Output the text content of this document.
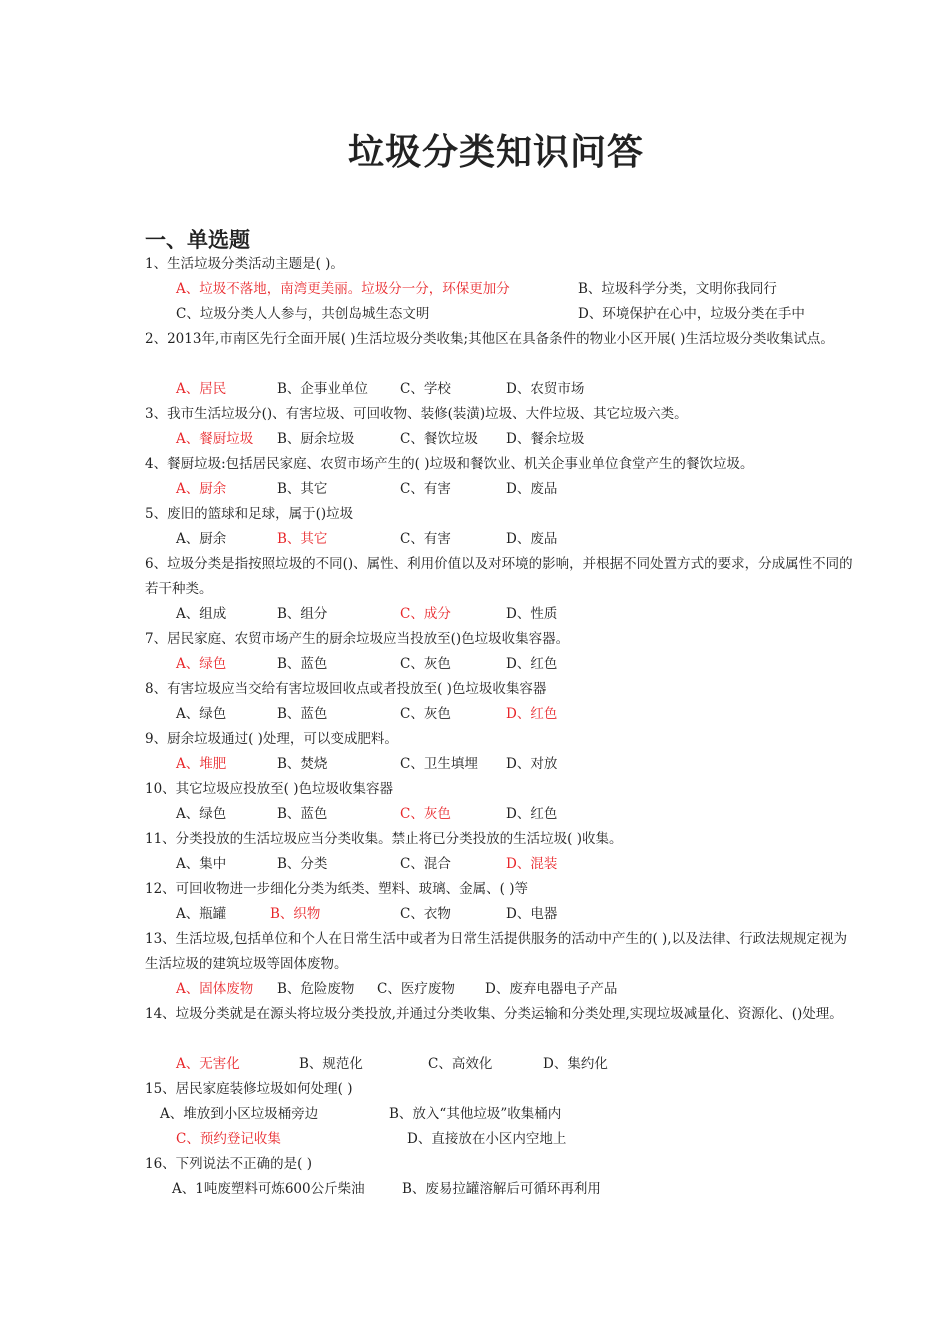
垃圾分类知识问答
一、单选题
1、生活垃圾分类活动主题是( )。
A、垃圾不落地，南湾更美丽。垃圾分一分，环保更加分	B、垃圾科学分类，文明你我同行
C、垃圾分类人人参与，共创岛城生态文明	D、环境保护在心中，垃圾分类在手中
2、2013年,市南区先行全面开展( )生活垃圾分类收集;其他区在具备条件的物业小区开展( )生活垃圾分类收集试点。
A、居民	B、企事业单位 C、学校	D、农贸市场
3、我市生活垃圾分()、有害垃圾、可回收物、装修(装潢)垃圾、大件垃圾、其它垃圾六类。
A、餐厨垃圾 B、厨余垃圾	C、餐饮垃圾 D、餐余垃圾
4、餐厨垃圾:包括居民家庭、农贸市场产生的( )垃圾和餐饮业、机关企事业单位食堂产生的餐饮垃圾。
A、厨余	B、其它	C、有害	D、废品
5、废旧的篮球和足球，属于()垃圾
A、厨余	B、其它	C、有害	D、废品
6、垃圾分类是指按照垃圾的不同()、属性、利用价值以及对环境的影响，并根据不同处置方式的要求，分成属性不同的若干种类。
A、组成	B、组分	C、成分	D、性质
7、居民家庭、农贸市场产生的厨余垃圾应当投放至()色垃圾收集容器。
A、绿色	B、蓝色	C、灰色	D、红色
8、有害垃圾应当交给有害垃圾回收点或者投放至( )色垃圾收集容器
A、绿色	B、蓝色	C、灰色	D、红色
9、厨余垃圾通过( )处理，可以变成肥料。
A、堆肥	B、焚烧	C、卫生填埋 D、对放
10、其它垃圾应投放至( )色垃圾收集容器
A、绿色	B、蓝色	C、灰色	D、红色
11、分类投放的生活垃圾应当分类收集。禁止将已分类投放的生活垃圾( )收集。
A、集中	B、分类	C、混合	D、混装
12、可回收物进一步细化分类为纸类、塑料、玻璃、金属、( )等
A、瓶罐	B、织物	C、衣物	D、电器
13、生活垃圾,包括单位和个人在日常生活中或者为日常生活提供服务的活动中产生的( ),以及法律、行政法规规定视为生活垃圾的建筑垃圾等固体废物。
A、固体废物 B、危险废物 C、医疗废物 D、废弃电器电子产品
14、垃圾分类就是在源头将垃圾分类投放,并通过分类收集、分类运输和分类处理,实现垃圾减量化、资源化、()处理。
A、无害化	B、规范化	C、高效化	D、集约化
15、居民家庭装修垃圾如何处理( )
A、堆放到小区垃圾桶旁边	B、放入“其他垃圾”收集桶内
C、预约登记收集	D、直接放在小区内空地上
16、下列说法不正确的是( )
A、1吨废塑料可炼600公斤柴油	B、废易拉罐溶解后可循环再利用
